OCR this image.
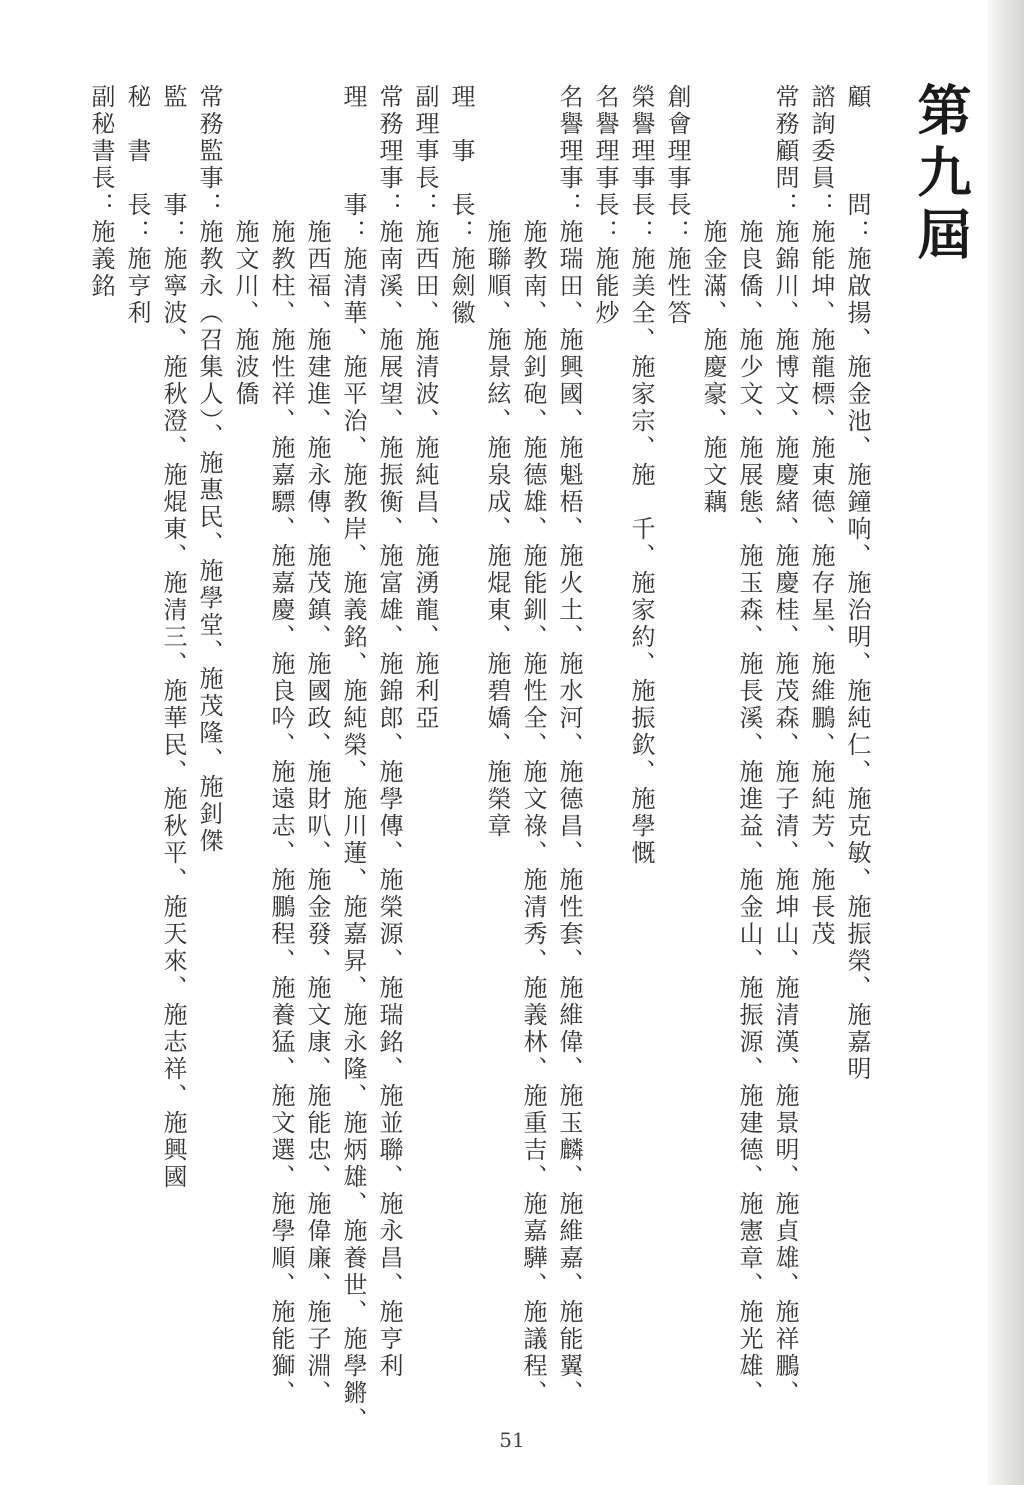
第九屆
顧　　　問：施啟揚、施金池、施鐘响、施治明、施純仁、施克敏、施振榮、施嘉明
諮詢委員：施能坤、施龍標、施東德、施存星、施維鵬、施純芳、施長茂
常務顧問：施錦川、施博文、施慶緒、施慶桂、施茂森、施子清、施坤山、施清漢、施景明、施貞雄、施祥鵬、
　　　　　施良僑、施少文、施展態、施玉森、施長溪、施進益、施金山、施振源、施建德、施憲章、施光雄、
　　　　　施金滿、施慶豪、施文藕
創會理事長：施性答
榮譽理事長：施美全、施家宗、施　千、施家約、施振欽、施學慨
名譽理事長：施能炒
名譽理事：施瑞田、施興國、施魁梧、施火土、施水河、施德昌、施性套、施維偉、施玉麟、施維嘉、施能翼、
　　　　　施教南、施釗砲、施德雄、施能釧、施性全、施文祿、施清秀、施義林、施重吉、施嘉驊、施議程、
　　　　　施聯順、施景絃、施泉成、施焜東、施碧嬌、施榮章
理　事　長：施劍徽
副理事長：施西田、施清波、施純昌、施湧龍、施利亞
常務理事：施南溪、施展望、施振衡、施富雄、施錦郎、施學傳、施榮源、施瑞銘、施並聯、施永昌、施亨利
理　　　事：施清華、施平治、施教岸、施義銘、施純榮、施川蓮、施嘉昇、施永隆、施炳雄、施養世、施學鏘、
　　　　　施西福、施建進、施永傳、施茂鎮、施國政、施財叭、施金發、施文康、施能忠、施偉廉、施子淵、
　　　　　施教柱、施性祥、施嘉驃、施嘉慶、施良吟、施遠志、施鵬程、施養猛、施文選、施學順、施能獅、
　　　　　施文川、施波僑
常務監事：施教永（召集人）、施惠民、施學堂、施茂隆、施釗傑
監　　　事：施寧波、施秋澄、施焜東、施清三、施華民、施秋平、施天來、施志祥、施興國
秘　書　長：施亨利
副秘書長：施義銘
51
